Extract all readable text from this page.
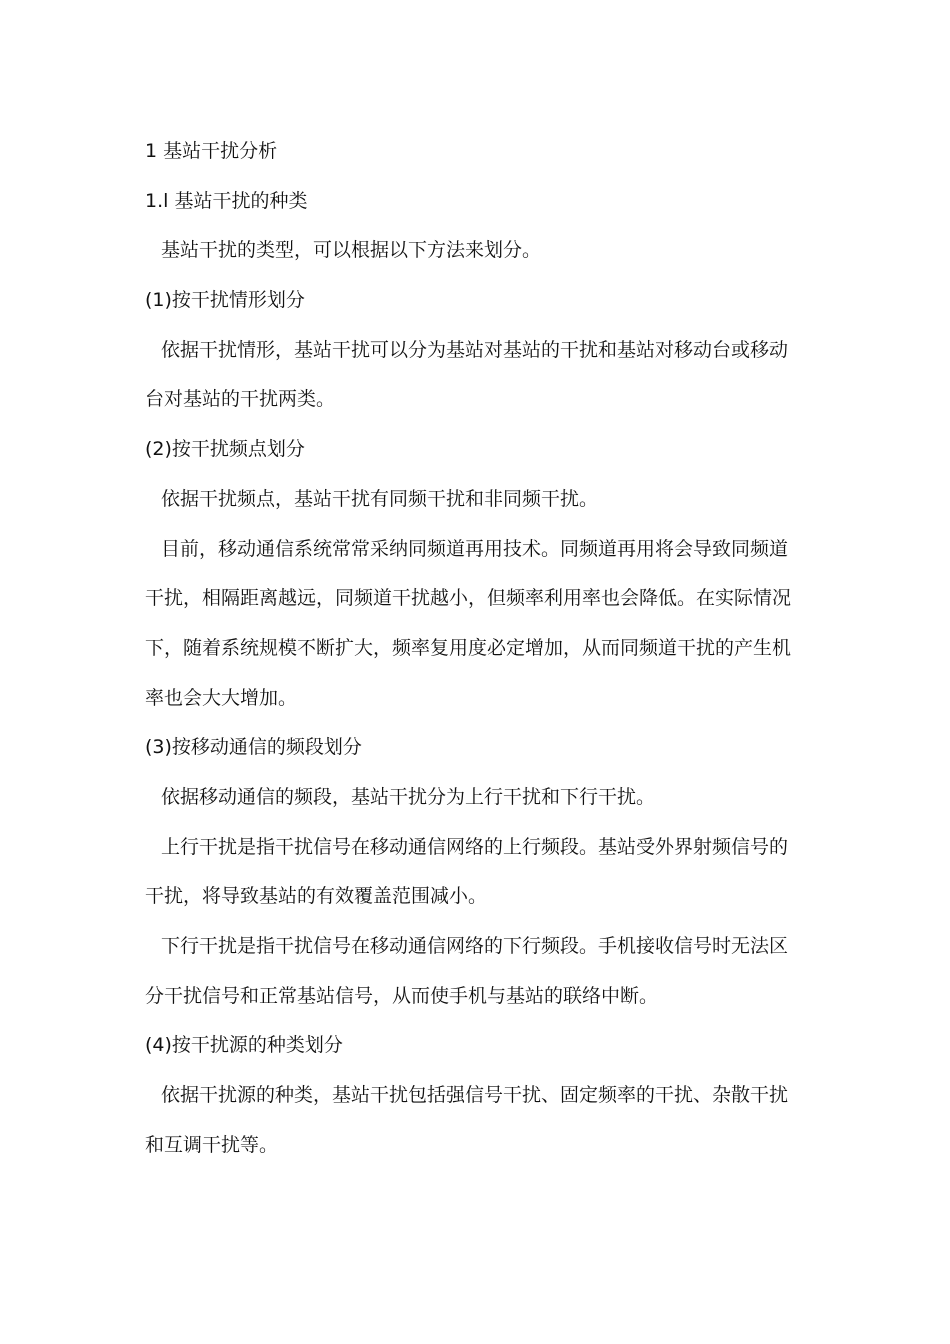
1 基站干扰分析
1.l 基站干扰的种类
基站干扰的类型，可以根据以下方法来划分。
(1)按干扰情形划分
依据干扰情形，基站干扰可以分为基站对基站的干扰和基站对移动台或移动
台对基站的干扰两类。
(2)按干扰频点划分
依据干扰频点，基站干扰有同频干扰和非同频干扰。
目前，移动通信系统常常采纳同频道再用技术。同频道再用将会导致同频道
干扰，相隔距离越远，同频道干扰越小，但频率利用率也会降低。在实际情况
下，随着系统规模不断扩大，频率复用度必定增加，从而同频道干扰的产生机
率也会大大增加。
(3)按移动通信的频段划分
依据移动通信的频段，基站干扰分为上行干扰和下行干扰。
上行干扰是指干扰信号在移动通信网络的上行频段。基站受外界射频信号的
干扰，将导致基站的有效覆盖范围减小。
下行干扰是指干扰信号在移动通信网络的下行频段。手机接收信号时无法区
分干扰信号和正常基站信号，从而使手机与基站的联络中断。
(4)按干扰源的种类划分
依据干扰源的种类，基站干扰包括强信号干扰、固定频率的干扰、杂散干扰
和互调干扰等。
